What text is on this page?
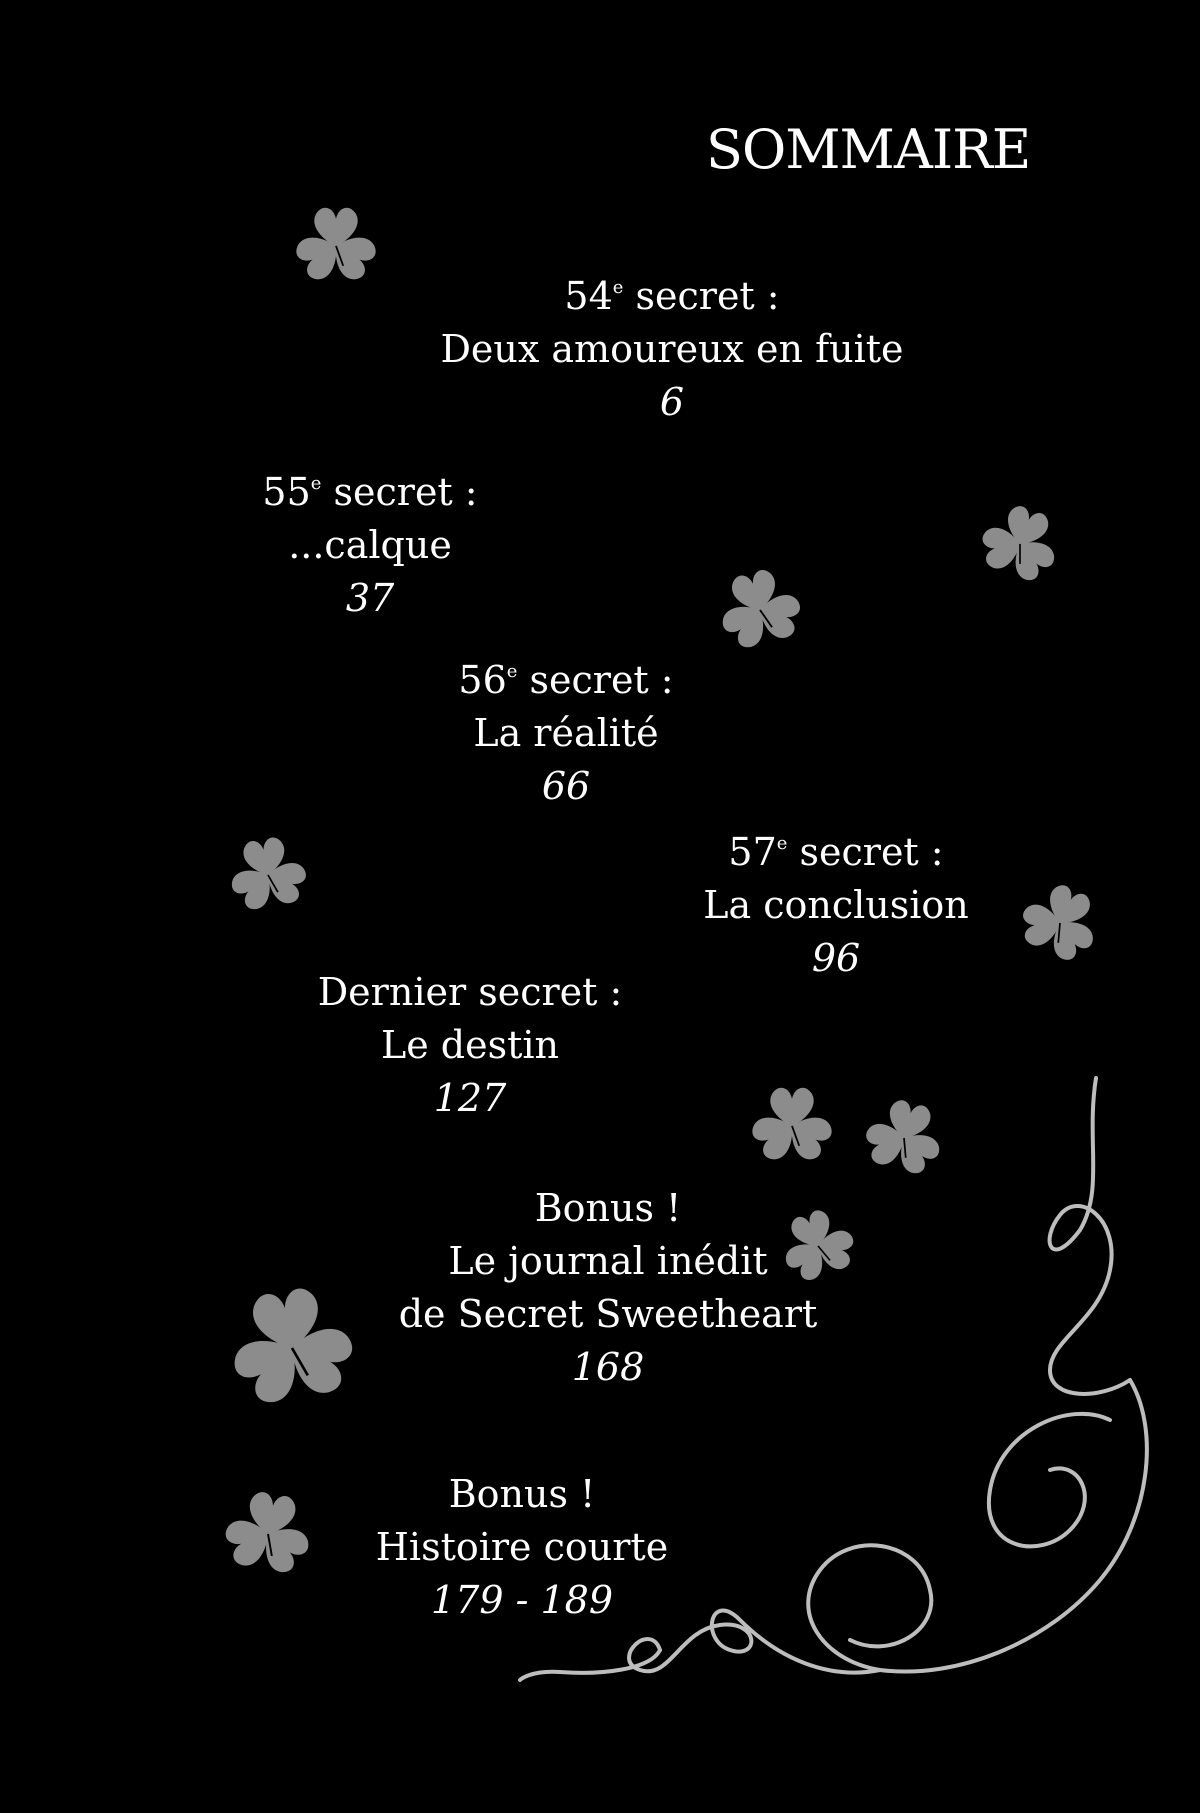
SOMMAIRE
54e secret :
Deux amoureux en fuite
6
55e secret :
...calque
37
56e secret :
La réalité
66
57e secret :
La conclusion
96
Dernier secret :
Le destin
127
Bonus !
Le journal inédit
de Secret Sweetheart
168
Bonus !
Histoire courte
179 - 189
